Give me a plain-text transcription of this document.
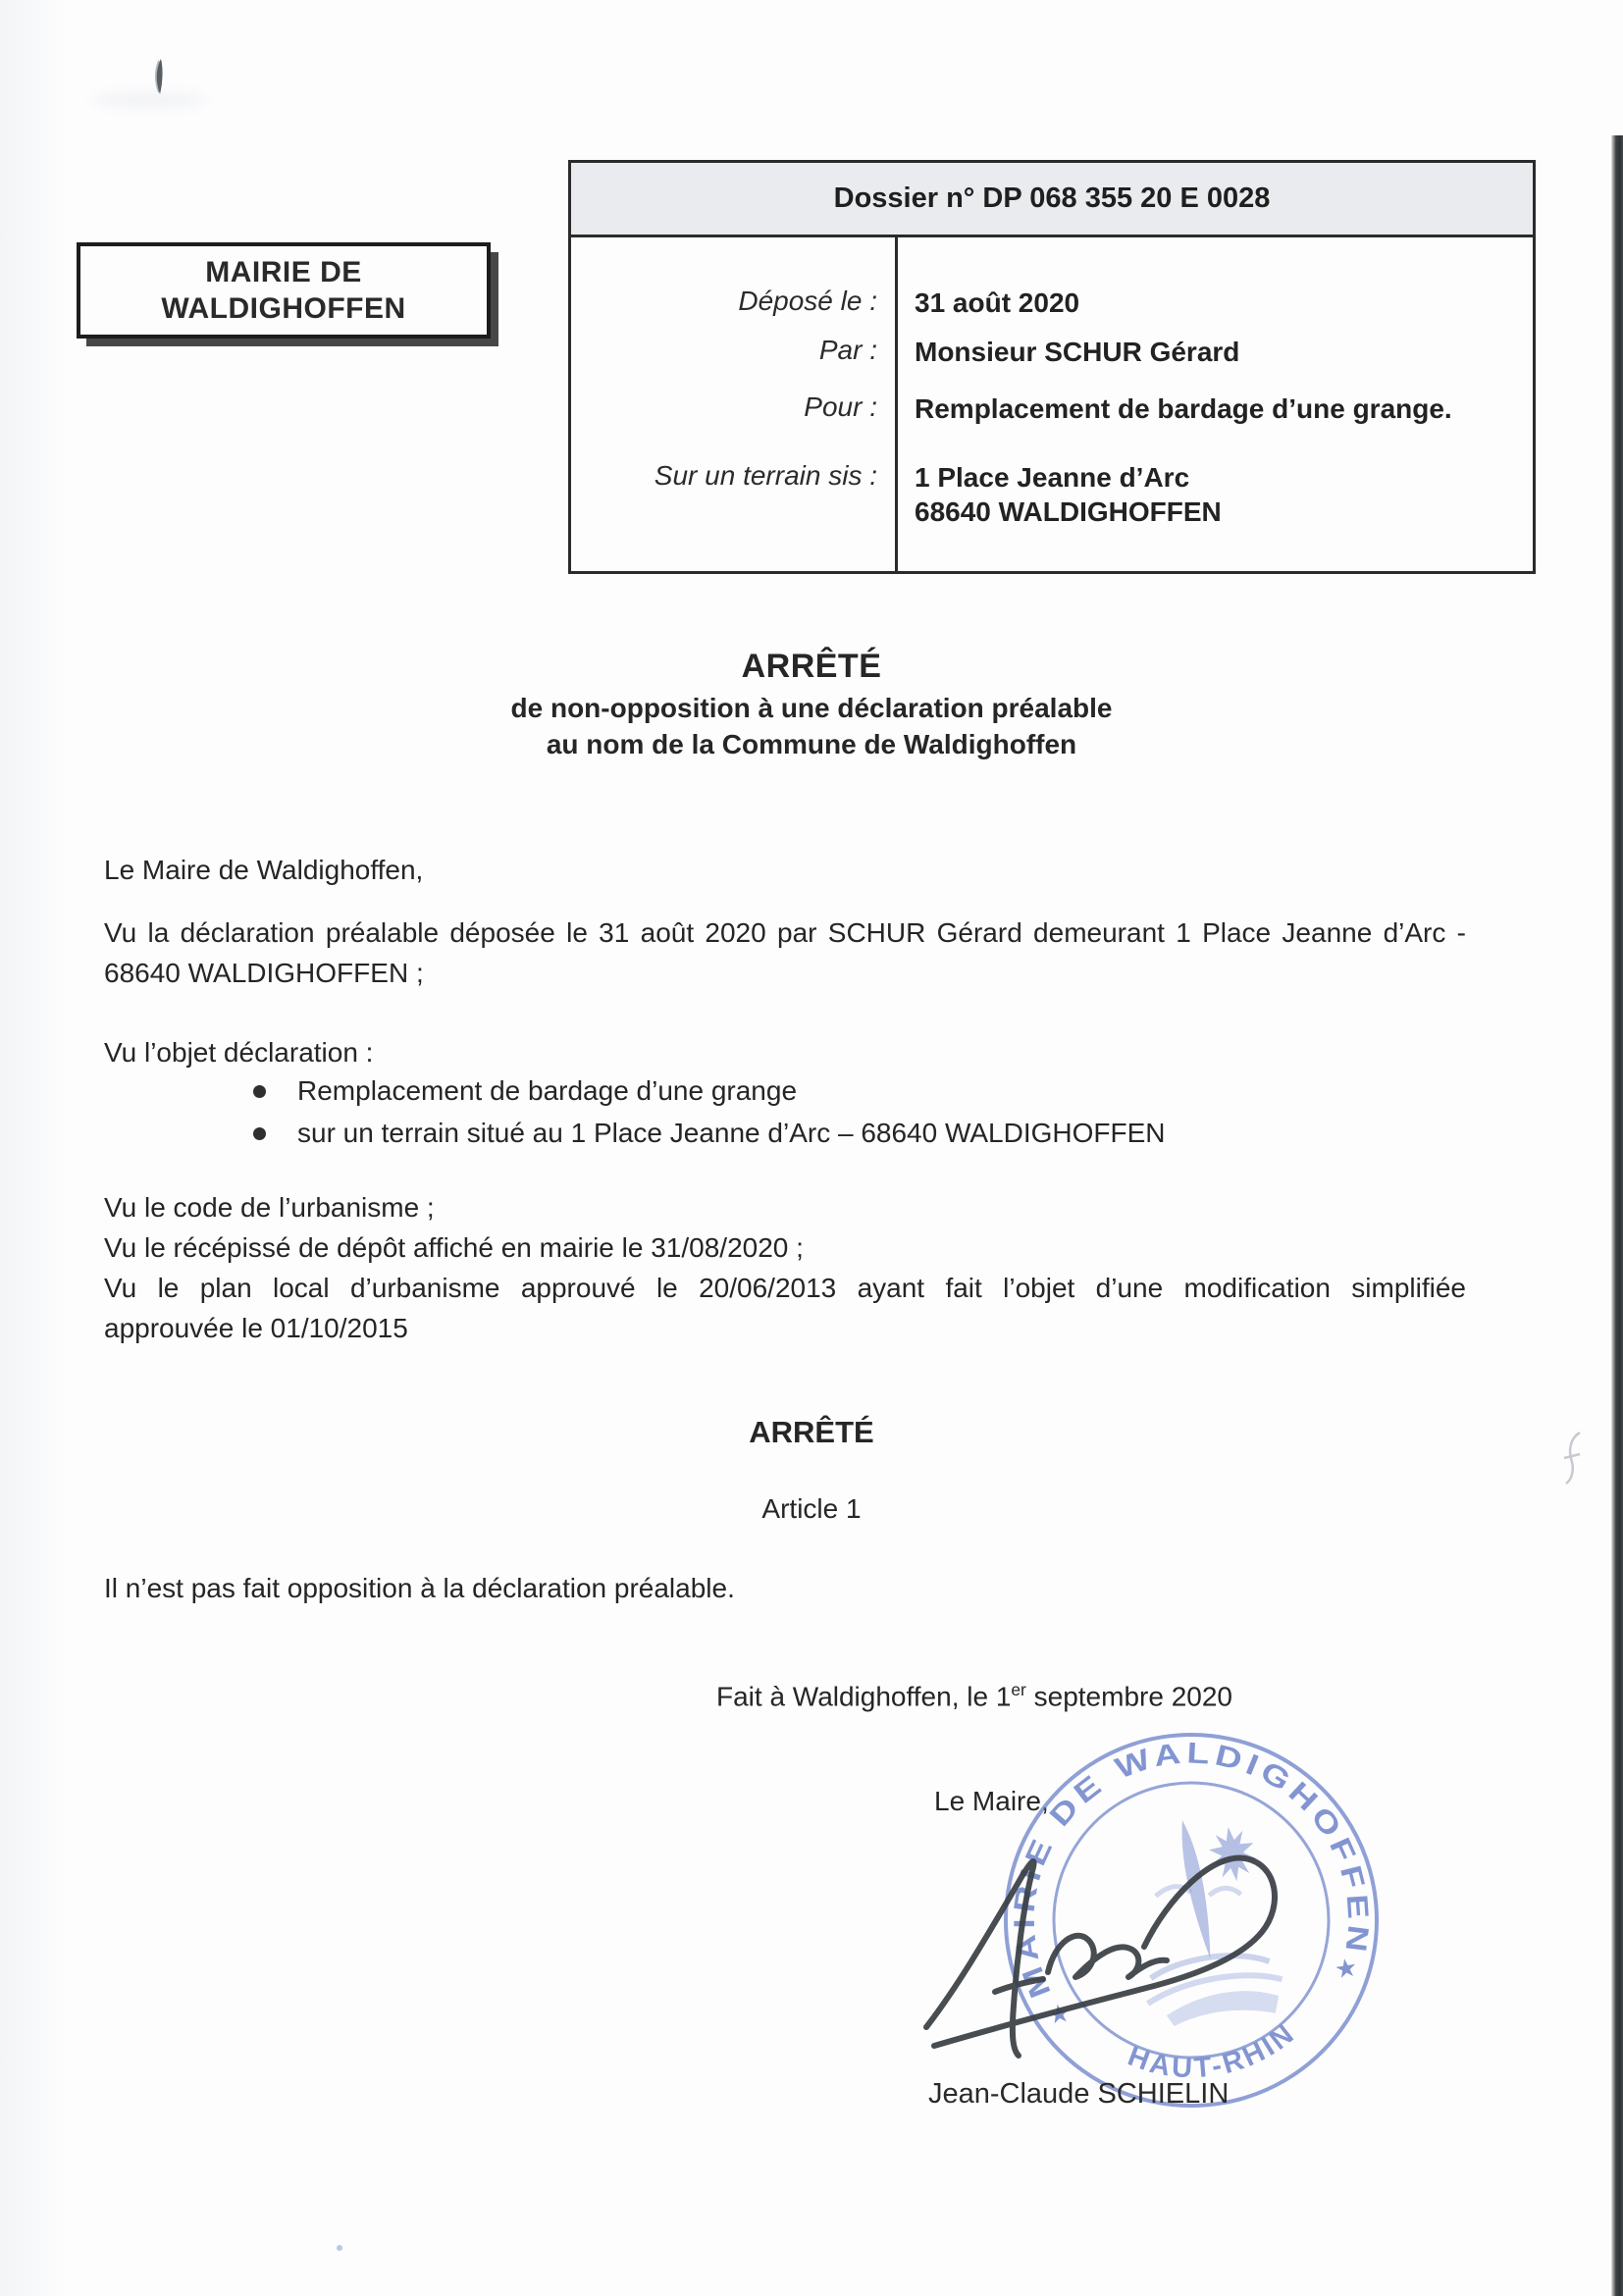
MAIRIE DE
WALDIGHOFFEN
Dossier n° DP 068 355 20 E 0028
Déposé le : 31 août 2020
Par : Monsieur SCHUR Gérard
Pour : Remplacement de bardage d’une grange.
Sur un terrain sis : 1 Place Jeanne d’Arc
68640 WALDIGHOFFEN
ARRÊTÉ
de non-opposition à une déclaration préalable
au nom de la Commune de Waldighoffen
Le Maire de Waldighoffen,
Vu la déclaration préalable déposée le 31 août 2020 par SCHUR Gérard demeurant 1 Place Jeanne d’Arc -
68640 WALDIGHOFFEN ;
Vu l’objet déclaration :
Remplacement de bardage d’une grange
sur un terrain situé au 1 Place Jeanne d’Arc – 68640 WALDIGHOFFEN
Vu le code de l’urbanisme ;
Vu le récépissé de dépôt affiché en mairie le 31/08/2020 ;
Vu le plan local d’urbanisme approuvé le 20/06/2013 ayant fait l’objet d’une modification simplifiée
approuvée le 01/10/2015
ARRÊTÉ
Article 1
Il n’est pas fait opposition à la déclaration préalable.
Fait à Waldighoffen, le 1er septembre 2020
Le Maire,
MAIRIE DE WALDIGHOFFEN
HAUT-RHIN
★
★
Jean-Claude SCHIELIN
